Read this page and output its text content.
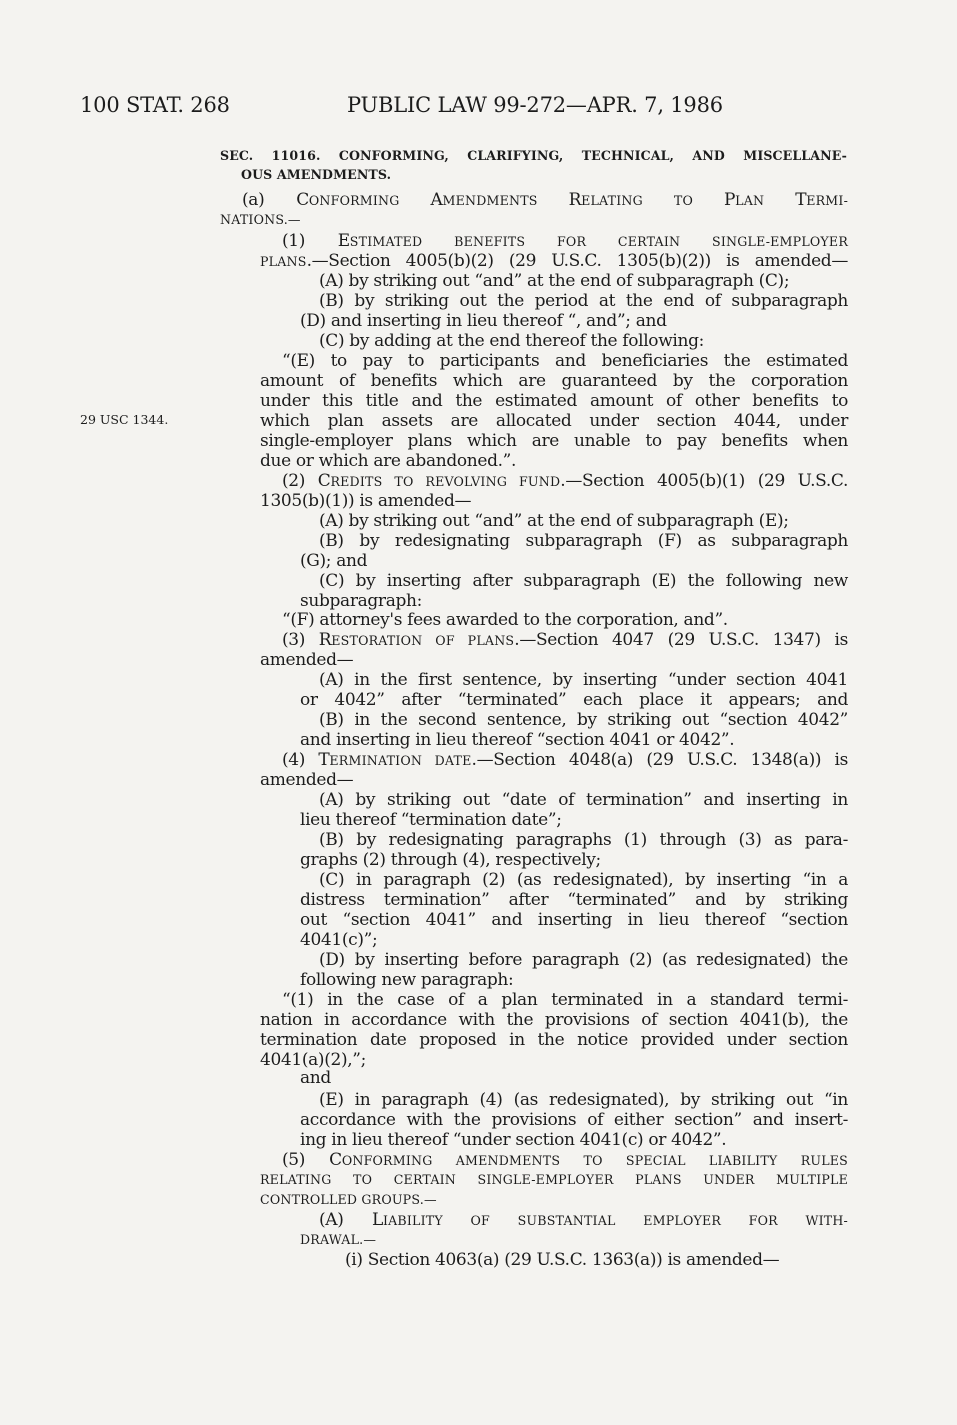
100 STAT. 268	PUBLIC LAW 99-272—APR. 7, 1986
29 USC 1344.
SEC. 11016. CONFORMING, CLARIFYING, TECHNICAL, AND MISCELLANE-
OUS AMENDMENTS.
(a) CONFORMING AMENDMENTS RELATING TO PLAN TERMI-
NATIONS.—
(1) ESTIMATED BENEFITS FOR CERTAIN SINGLE-EMPLOYER
PLANS.—Section 4005(b)(2) (29 U.S.C. 1305(b)(2)) is amended—
(A) by striking out “and” at the end of subparagraph (C);
(B) by striking out the period at the end of subparagraph
(D) and inserting in lieu thereof “, and”; and
(C) by adding at the end thereof the following:
“(E) to pay to participants and beneficiaries the estimated
amount of benefits which are guaranteed by the corporation
under this title and the estimated amount of other benefits to
which plan assets are allocated under section 4044, under
single-employer plans which are unable to pay benefits when
due or which are abandoned.”.
(2) CREDITS TO REVOLVING FUND.—Section 4005(b)(1) (29 U.S.C.
1305(b)(1)) is amended—
(A) by striking out “and” at the end of subparagraph (E);
(B) by redesignating subparagraph (F) as subparagraph
(G); and
(C) by inserting after subparagraph (E) the following new
subparagraph:
“(F) attorney's fees awarded to the corporation, and”.
(3) RESTORATION OF PLANS.—Section 4047 (29 U.S.C. 1347) is
amended—
(A) in the first sentence, by inserting “under section 4041
or 4042” after “terminated” each place it appears; and
(B) in the second sentence, by striking out “section 4042”
and inserting in lieu thereof “section 4041 or 4042”.
(4) TERMINATION DATE.—Section 4048(a) (29 U.S.C. 1348(a)) is
amended—
(A) by striking out “date of termination” and inserting in
lieu thereof “termination date”;
(B) by redesignating paragraphs (1) through (3) as para-
graphs (2) through (4), respectively;
(C) in paragraph (2) (as redesignated), by inserting “in a
distress termination” after “terminated” and by striking
out “section 4041” and inserting in lieu thereof “section
4041(c)”;
(D) by inserting before paragraph (2) (as redesignated) the
following new paragraph:
“(1) in the case of a plan terminated in a standard termi-
nation in accordance with the provisions of section 4041(b), the
termination date proposed in the notice provided under section
4041(a)(2),”;
and
(E) in paragraph (4) (as redesignated), by striking out “in
accordance with the provisions of either section” and insert-
ing in lieu thereof “under section 4041(c) or 4042”.
(5) CONFORMING AMENDMENTS TO SPECIAL LIABILITY RULES
RELATING TO CERTAIN SINGLE-EMPLOYER PLANS UNDER MULTIPLE
CONTROLLED GROUPS.—
(A) LIABILITY OF SUBSTANTIAL EMPLOYER FOR WITH-
DRAWAL.—
(i) Section 4063(a) (29 U.S.C. 1363(a)) is amended—
